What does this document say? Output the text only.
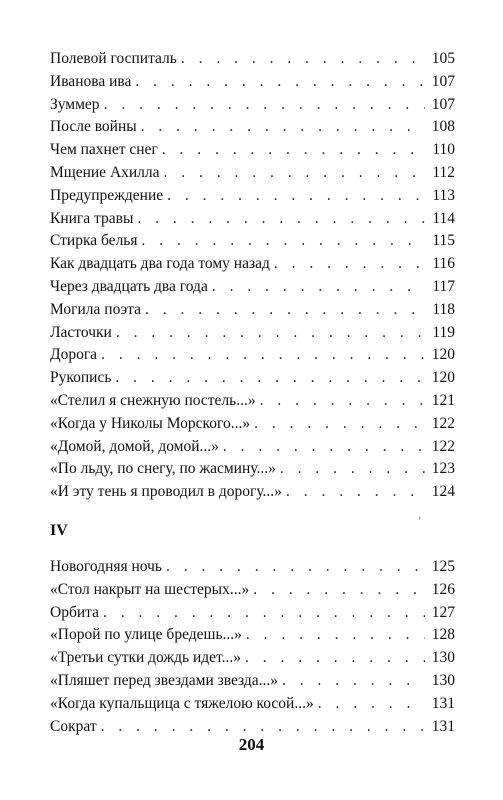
Полевой госпиталь . . .	105
Иванова ива . . .	107
Зуммер . . .	107
После войны . . .	108
Чем пахнет снег . . .	110
Мщение Ахилла . . .	112
Предупреждение . . .	113
Книга травы . . .	114
Стирка белья . . .	115
Как двадцать два года тому назад . . .	116
Через двадцать два года . . .	117
Могила поэта . . .	118
Ласточки . . .	119
Дорога . . .	120
Рукопись . . .	120
«Стелил я снежную постель...» . . .	121
«Когда у Николы Морского...» . . .	122
«Домой, домой, домой...» . . .	122
«По льду, по снегу, по жасмину...» . . .	123
«И эту тень я проводил в дорогу...» . . .	124
IV
Новогодняя ночь . . .	125
«Стол накрыт на шестерых...» . . .	126
Орбита . . .	127
«Порой по улице бредешь...» . . .	128
«Третьи сутки дождь идет...» . . .	130
«Пляшет перед звездами звезда...» . . .	130
«Когда купальщица с тяжелою косой...» . . .	131
Сократ . . .	131
'
204
